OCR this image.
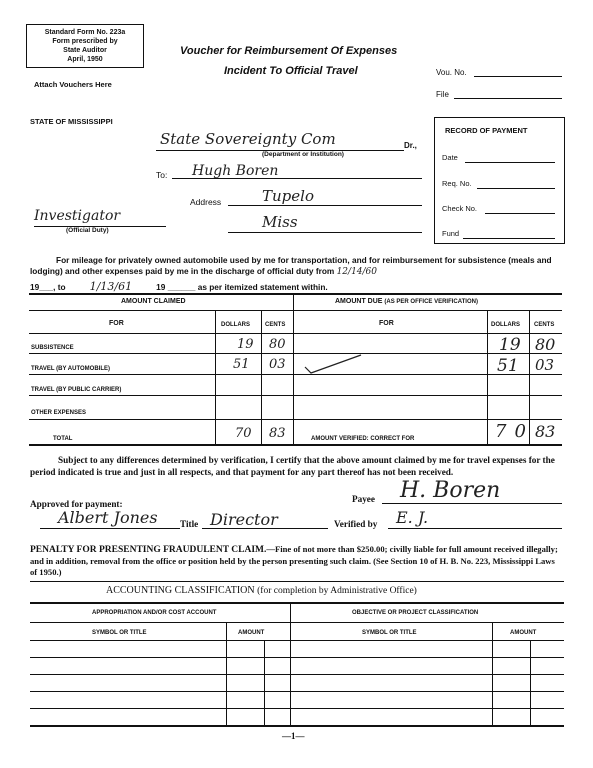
Standard Form No. 223a
Form prescribed by
State Auditor
April, 1950
Attach Vouchers Here
Voucher for Reimbursement Of Expenses
Incident To Official Travel	Vou. No.
File
STATE OF MISSISSIPPI
State Sovereignty Com	Dr.,
(Department or Institution)
To: Hugh Boren
Address	Tupelo
Miss
Investigator
(Official Duty)
RECORD OF PAYMENT
Date
Req. No.
Check No.
Fund
For mileage for privately owned automobile used by me for transportation, and for reimbursement for subsistence (meals and lodging) and other expenses paid by me in the discharge of official duty from 12/14/60
19___, to 1/13/61	19 ______ as per itemized statement within.
AMOUNT CLAIMED	AMOUNT DUE (AS PER OFFICE VERIFICATION)
FOR	DOLLARS	CENTS	FOR	DOLLARS CENTS
SUBSISTENCE	19 80	19 80
TRAVEL (BY AUTOMOBILE)	51 03	51 03
TRAVEL (BY PUBLIC CARRIER)
OTHER EXPENSES
TOTAL	70 83	AMOUNT VERIFIED: CORRECT FOR	70 83
Subject to any differences determined by verification, I certify that the above amount claimed by me for travel expenses for the period indicated is true and just in all respects, and that payment for any part thereof has not been received.
Approved for payment:
Albert Jones Title Director
Payee H. Boren
Verified by E. J.
PENALTY FOR PRESENTING FRAUDULENT CLAIM.—Fine of not more than $250.00; civilly liable for full amount received illegally; and in addition, removal from the office or position held by the person presenting such claim. (See Section 10 of H. B. No. 223, Mississippi Laws of 1950.)
ACCOUNTING CLASSIFICATION (for completion by Administrative Office)
APPROPRIATION AND/OR COST ACCOUNT	OBJECTIVE OR PROJECT CLASSIFICATION
SYMBOL OR TITLE	AMOUNT	SYMBOL OR TITLE	AMOUNT
—1—
